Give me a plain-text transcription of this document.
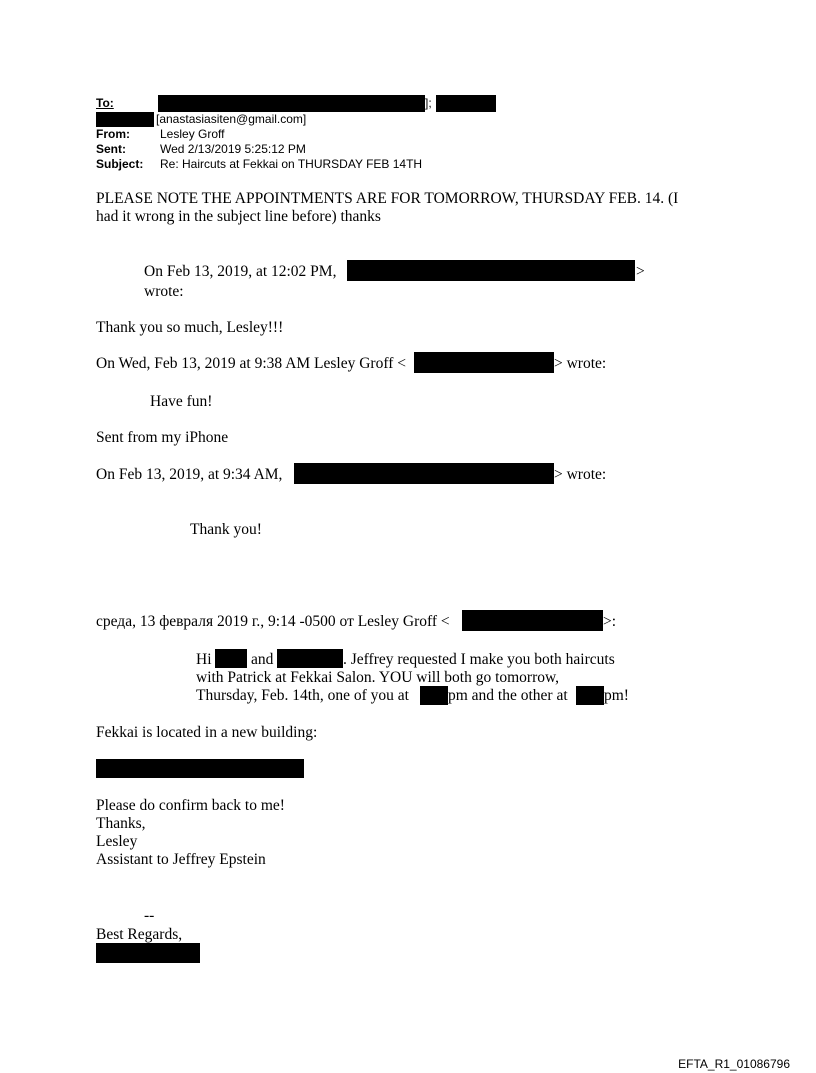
To:	];
[anastasiasiten@gmail.com]
From:	Lesley Groff
Sent:	Wed 2/13/2019 5:25:12 PM
Subject: Re: Haircuts at Fekkai on THURSDAY FEB 14TH
PLEASE NOTE THE APPOINTMENTS ARE FOR TOMORROW, THURSDAY FEB. 14. (I
had it wrong in the subject line before) thanks
On Feb 13, 2019, at 12:02 PM,	>
wrote:
Thank you so much, Lesley!!!
On Wed, Feb 13, 2019 at 9:38 AM Lesley Groff <	> wrote:
Have fun!
Sent from my iPhone
On Feb 13, 2019, at 9:34 AM,	> wrote:
Thank you!
среда, 13 февраля 2019 г., 9:14 -0500 от Lesley Groff <	>:
Hi	and	. Jeffrey requested I make you both haircuts
with Patrick at Fekkai Salon. YOU will both go tomorrow,
Thursday, Feb. 14th, one of you at	pm and the other at pm!
Fekkai is located in a new building:
Please do confirm back to me!
Thanks,
Lesley
Assistant to Jeffrey Epstein
--
Best Regards,
EFTA_R1_01086796
